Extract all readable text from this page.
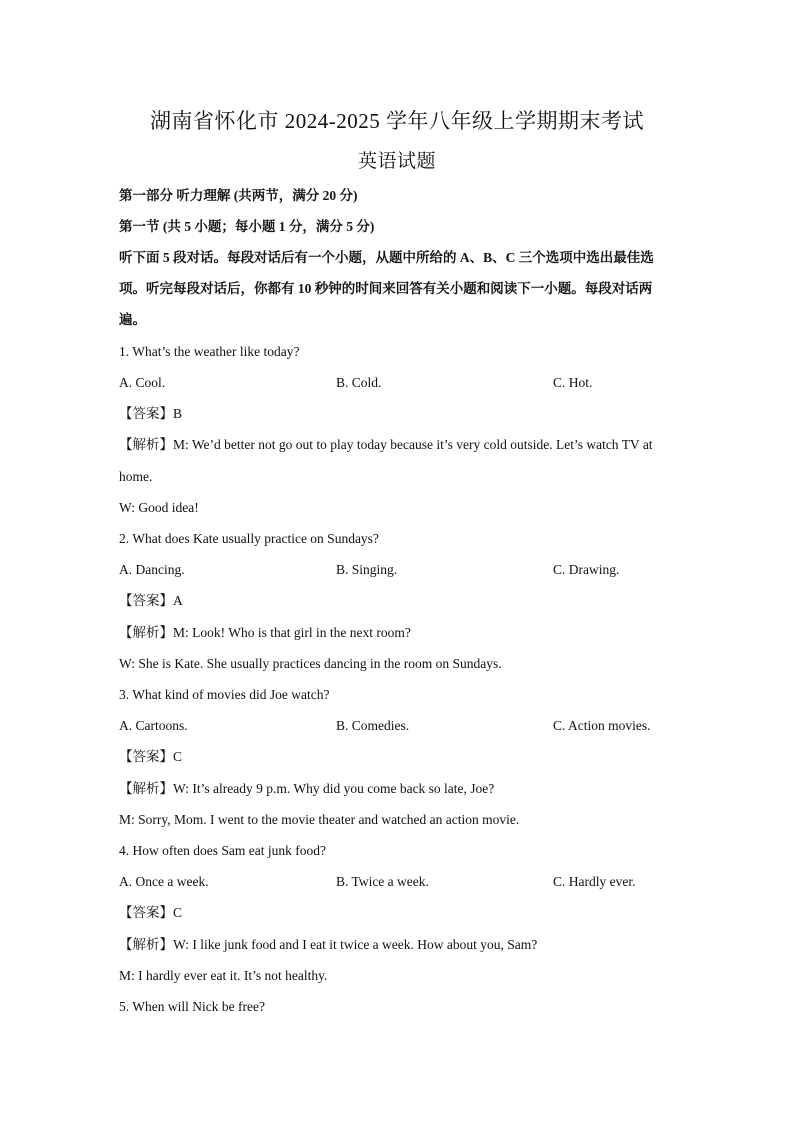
湖南省怀化市 2024-2025 学年八年级上学期期末考试
英语试题
第一部分 听力理解 (共两节，满分 20 分)
第一节 (共 5 小题；每小题 1 分，满分 5 分)
听下面 5 段对话。每段对话后有一个小题，从题中所给的 A、B、C 三个选项中选出最佳选
项。听完每段对话后，你都有 10 秒钟的时间来回答有关小题和阅读下一小题。每段对话两
遍。
1. What’s the weather like today?
A. Cool.	B. Cold.	C. Hot.
【答案】B
【解析】M: We’d better not go out to play today because it’s very cold outside. Let’s watch TV at
home.
W: Good idea!
2. What does Kate usually practice on Sundays?
A. Dancing.	B. Singing.	C. Drawing.
【答案】A
【解析】M: Look! Who is that girl in the next room?
W: She is Kate. She usually practices dancing in the room on Sundays.
3. What kind of movies did Joe watch?
A. Cartoons.	B. Comedies.	C. Action movies.
【答案】C
【解析】W: It’s already 9 p.m. Why did you come back so late, Joe?
M: Sorry, Mom. I went to the movie theater and watched an action movie.
4. How often does Sam eat junk food?
A. Once a week.	B. Twice a week.	C. Hardly ever.
【答案】C
【解析】W: I like junk food and I eat it twice a week. How about you, Sam?
M: I hardly ever eat it. It’s not healthy.
5. When will Nick be free?
